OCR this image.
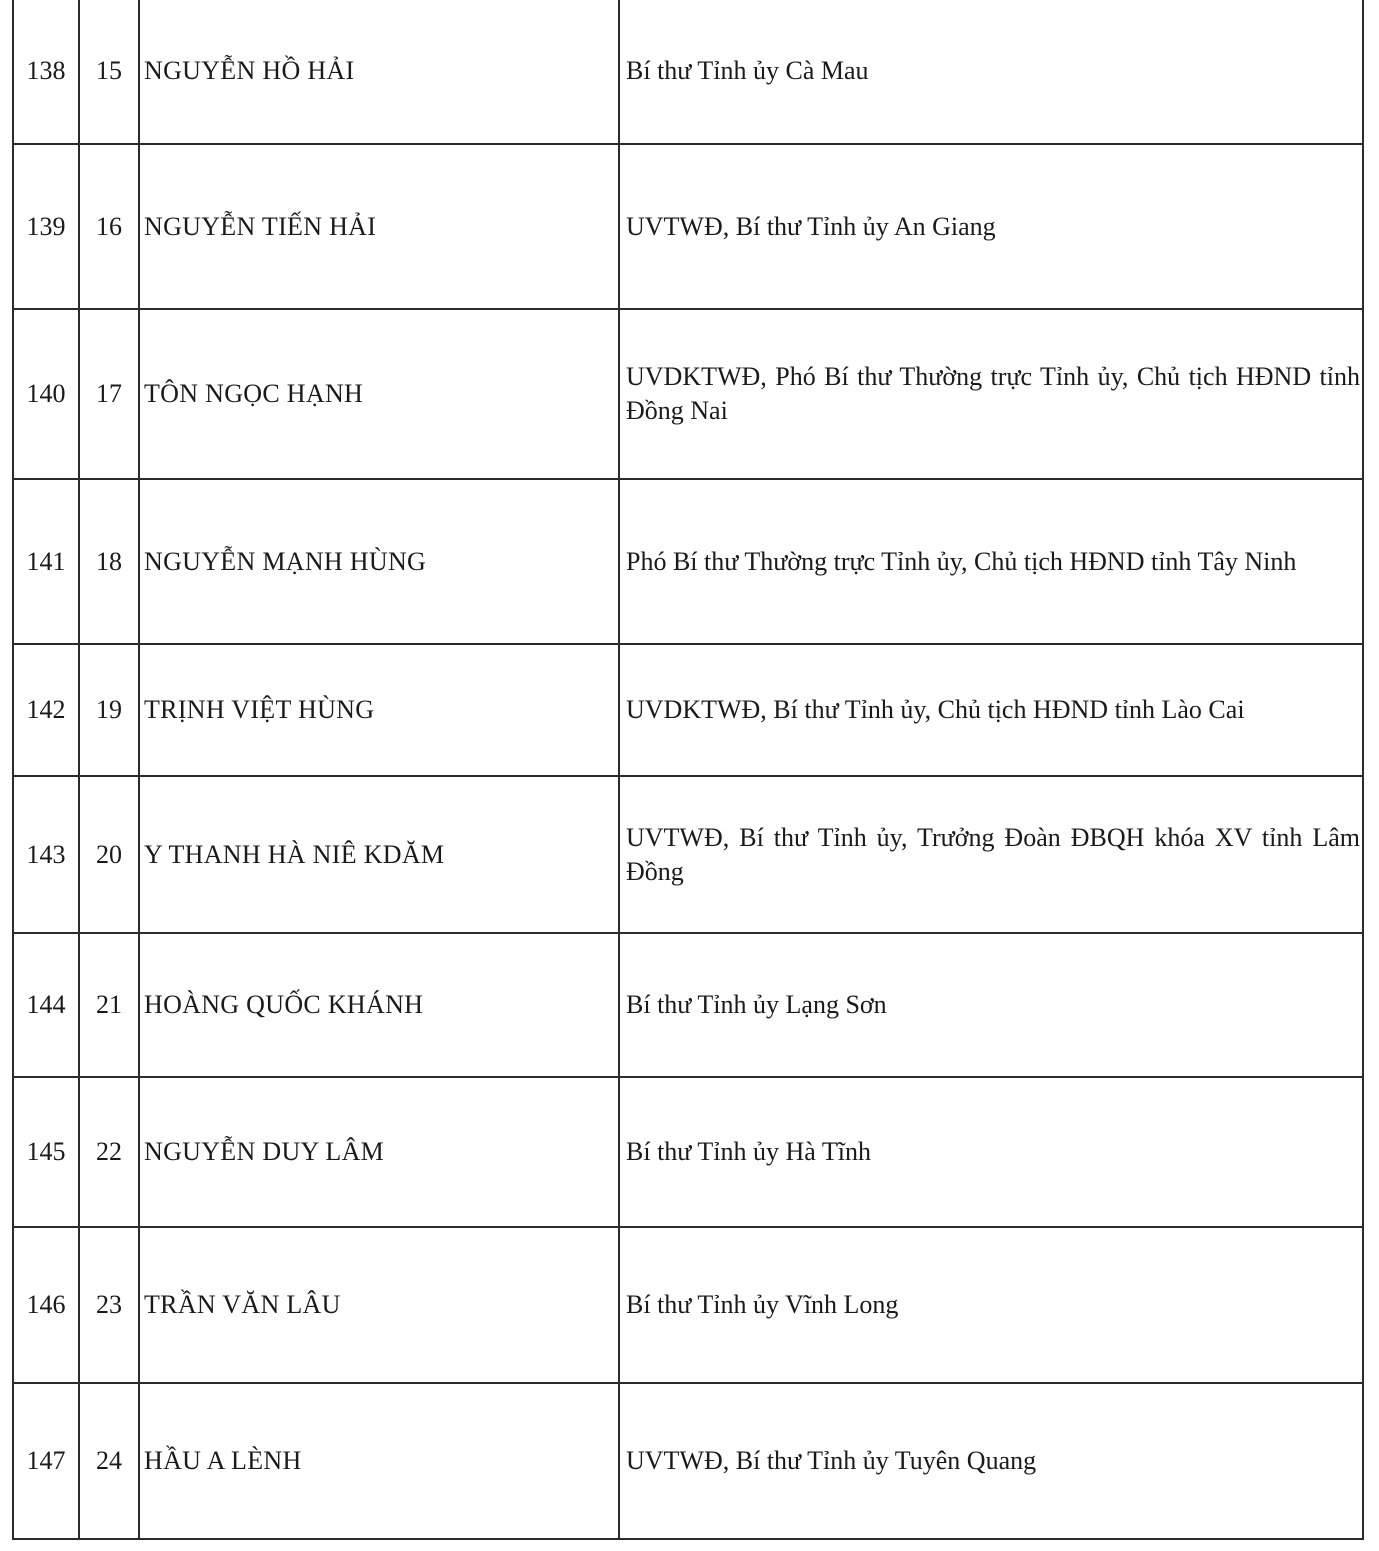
138	15	NGUYỄN HỒ HẢI	Bí thư Tỉnh ủy Cà Mau
139	16	NGUYỄN TIẾN HẢI	UVTWĐ, Bí thư Tỉnh ủy An Giang
140	17	TÔN NGỌC HẠNH	UVDKTWĐ, Phó Bí thư Thường trực Tỉnh ủy, Chủ tịch HĐND tỉnh Đồng Nai
141	18	NGUYỄN MẠNH HÙNG	Phó Bí thư Thường trực Tỉnh ủy, Chủ tịch HĐND tỉnh Tây Ninh
142	19	TRỊNH VIỆT HÙNG	UVDKTWĐ, Bí thư Tỉnh ủy, Chủ tịch HĐND tỉnh Lào Cai
143	20	Y THANH HÀ NIÊ KDĂM	UVTWĐ, Bí thư Tỉnh ủy, Trưởng Đoàn ĐBQH khóa XV tỉnh Lâm Đồng
144	21	HOÀNG QUỐC KHÁNH	Bí thư Tỉnh ủy Lạng Sơn
145	22	NGUYỄN DUY LÂM	Bí thư Tỉnh ủy Hà Tĩnh
146	23	TRẦN VĂN LÂU	Bí thư Tỉnh ủy Vĩnh Long
147	24	HẦU A LÈNH	UVTWĐ, Bí thư Tỉnh ủy Tuyên Quang
